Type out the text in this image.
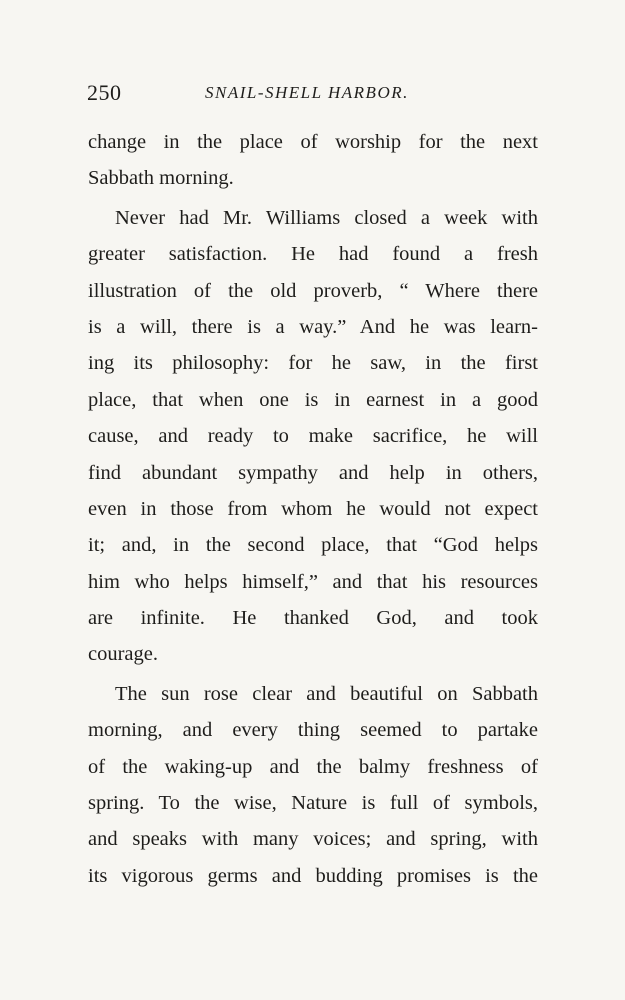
250	SNAIL-SHELL HARBOR.
change in the place of worship for the next
Sabbath morning.
Never had Mr. Williams closed a week with
greater satisfaction. He had found a fresh
illustration of the old proverb, “ Where there
is a will, there is a way.” And he was learn-
ing its philosophy: for he saw, in the first
place, that when one is in earnest in a good
cause, and ready to make sacrifice, he will
find abundant sympathy and help in others,
even in those from whom he would not expect
it; and, in the second place, that “God helps
him who helps himself,” and that his resources
are infinite. He thanked God, and took
courage.
The sun rose clear and beautiful on Sabbath
morning, and every thing seemed to partake
of the waking-up and the balmy freshness of
spring. To the wise, Nature is full of symbols,
and speaks with many voices; and spring, with
its vigorous germs and budding promises is the
